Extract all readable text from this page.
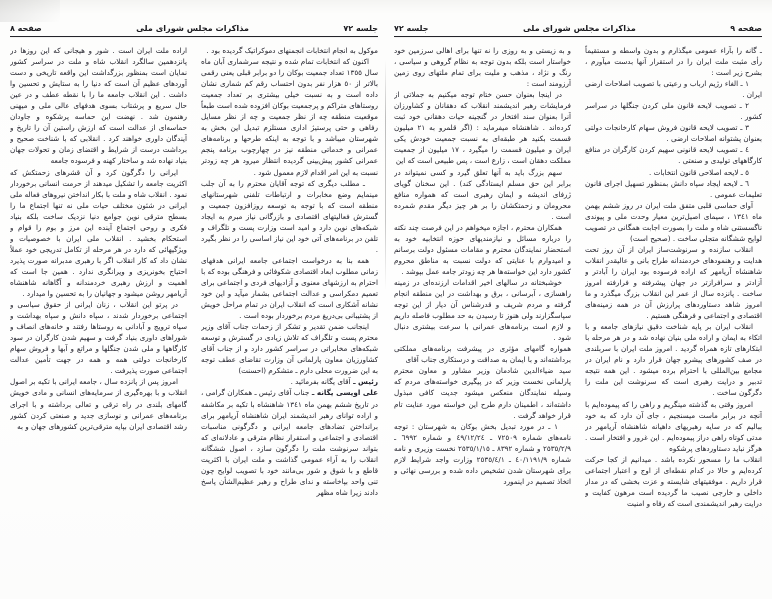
صفحه ٨	مذاکرات مجلس شورای ملی	جلسه ٧٢

موکول به انجام انتخابات انجمنهای دموکراتیک گردیده بود .

اکنون که انتخابات تمام شده و نتیجه سرشماری آبان ماه سال ١٣٥٥ تعداد جمعیت بوکان را دو برابر قبلی یعنی رقمی بالاتر از ٥٠ هزار نفر بدون احتساب رقم کم شماری نشان داده است و به نسبت خیلی بیشتری بر تعداد جمعیت روستاهای متراکم و پرجمعیت بوکان افزوده شده است طبعاً موقعیت منطقه چه از نظر جمعیت و چه از نظر مسایل رفاهی و حتی پرستیژ اداری مستلزم تبدیل این بخش به شهرستان میباشد و با توجه به اینکه طرحها و برنامه‌های عمرانی و خدماتی منطقه نیز در چهارچوب برنامه پنجم عمرانی کشور پیش‌بینی گردیده انتظار میرود هر چه زودتر نسبت به این امر اقدام لازم معمول شود .

ـ مطلب دیگری که توجه آقایان محترم را به آن جلب مینمایم وضع مخابرات و ارتباطات تلفنی شهرستانهای منطقه است که با توجه به توسعه روزافزون جمعیت و گسترش فعالیتهای اقتصادی و بازرگانی نیاز مبرم به ایجاد شبکه‌های نوین دارد و امید است وزارت پست و تلگراف و تلفن در برنامه‌های آتی خود این نیاز اساسی را در نظر بگیرد .

همه بنا به درخواست اجتماعی جامعه ایرانی هدفهای زمانی مطلوب ابعاد اقتصادی شکوفائی و فرهنگی بوده که با احترام به ارزشهای معنوی و آزادیهای فردی و اجتماعی برای تعمیم دمکراسی و عدالت اجتماعی بشمار میآید و این خود نشانه آشکاری است که انقلاب ایران در تمام مراحل خویش از پشتیبانی بی‌دریغ مردم برخوردار بوده است .

اینجانب ضمن تقدیر و تشکر از زحمات جناب آقای وزیر محترم پست و تلگراف که تلاش زیادی در گسترش و توسعه شبکه‌های مخابراتی در سراسر کشور دارد و از جناب آقای کشاورزیان معاون پارلمانی آن وزارت تقاضای عطف توجه به این ضرورت محلی دارم ـ متشکرم (احسنت)

رئیس ـ آقای یگانه بفرمائید .

علی اویسی یگانه ـ جناب آقای رئیس ـ همکاران گرامی ، در تاریخ ششم بهمن ماه ١٣٤١ شاهنشاه با تکیه بر مکاشفه و اراده توانای رهبر اندیشمند ایران شاهنشاه آریامهر برای برانداختن تضادهای جامعه ایرانی و دگرگونی مناسبات اقتصادی و اجتماعی و استقرار نظام مترقی و عادلانه‌ای که بتواند سرنوشت ملت را دگرگون سازد ، اصول ششگانه انقلاب را به آراء عمومی گذاشت و ملت ایران با اکثریت قاطع و با شوق و شور بی‌مانند خود با تصویب لوایح چون تنی واحد بپاخاسته و ندای طراح و رهبر عظیم‌الشأن پاسخ دادند زیرا شاه مظهر

اراده ملت ایران است . شور و هیجانی که این روزها در پانزدهمین سالگرد انقلاب شاه و ملت در سراسر کشور نمایان است بمنظور بزرگداشت این واقعه تاریخی و دست آوردهای عظیم آن است که دنیا را به ستایش و تحسین وا داشت . این انقلاب جامعه ما را با نقطه عطف و در عین حال سریع و پرشتاب بسوی هدفهای عالی ملی و میهنی رهنمون شد . نهضت این حماسه پرشکوه و جاودان حماسه‌ای از عدالت است که ارزش راستین آن را تاریخ و آیندگان داوری خواهند کرد . انقلابی که با شناخت صحیح و برداشت درست از شرایط و اقتضای زمان و تحولات جهان بنیاد نهاده شد و ساختار کهنه و فرسوده جامعه

ایرانی را دگرگون کرد و آن قشرهای زحمتکش که اکثریت جامعه را تشکیل میدهند از حرمت انسانی برخوردار نمود . انقلاب شاه و ملت با بکار انداختن نیروهای فعاله ملی ایرانی در شئون مختلف حیات ملی نه تنها اجتماع ما را بسطح مترقی نوین جوامع دنیا نزدیک ساخت بلکه بنیاد فکری و روحی اجتماع آینده این مرز و بوم را قوام و استحکام بخشید . انقلاب ملی ایران با خصوصیات و ویژگیهائی که دارد در هر مرحله از تکامل تدریجی خود عملاً نشان داد که کار انقلاب اگر با رهبری مدبرانه صورت پذیرد احتیاج بخونریزی و ویرانگری ندارد . همین جا است که اهمیت و ارزش رهبری خردمندانه و آگاهانه شاهنشاه آریامهر روشن میشود و جهانیان را به تحسین وا میدارد .

در پرتو این انقلاب ، زنان ایرانی از حقوق سیاسی و اجتماعی برخوردار شدند ، سپاه دانش و سپاه بهداشت و سپاه ترویج و آبادانی به روستاها رفتند و خانه‌های انصاف و شوراهای داوری بنیاد گرفت و سهیم شدن کارگران در سود کارگاهها و ملی شدن جنگلها و مراتع و آبها و فروش سهام کارخانجات دولتی همه و همه در جهت تأمین عدالت اجتماعی صورت پذیرفت .

امروز پس از پانزده سال ، جامعه ایرانی با تکیه بر اصول انقلاب و با بهره‌گیری از سرمایه‌های انسانی و مادی خویش گامهای بلندی در راه ترقی و تعالی برداشته و با اجرای برنامه‌های عمرانی و نوسازی جدید و صنعتی کردن کشور رشد اقتصادی ایران بپایه مترقی‌ترین کشورهای جهان و به

جلسه ٧٢	مذاکرات مجلس شورای ملی	صفحه ٩

ـ گانه را بآراء عمومی میگذارم و بدون واسطه و مستقیماً رأی مثبت ملت ایران را در استقرار آنها بدست میآورم ، بشرح زیر است :

١ ـ الغاء رژیم ارباب و رعیتی با تصویب اصلاحات ارضی ایران .

٢ ـ تصویب لایحه قانون ملی کردن جنگلها در سراسر کشور .

٣ ـ تصویب لایحه قانون فروش سهام کارخانجات دولتی بعنوان پشتوانه اصلاحات ارضی .

٤ ـ تصویب لایحه قانونی سهیم کردن کارگران در منافع کارگاههای تولیدی و صنعتی .

٥ ـ لایحه اصلاحی قانون انتخابات .

٦ ـ لایحه ایجاد سپاه دانش بمنظور تسهیل اجرای قانون تعلیمات عمومی .

آوای حماسی قلبی متفق ملت ایران در روز ششم بهمن ماه ١٣٤١ ، سیمای اصیل‌ترین معیار وحدت ملی و پیوندی ناگسستنی شاه و ملت را بصورت اجابت همگانی در تصویب لوایح ششگانه متجلی ساخت . (صحیح است)

انقلاب سازنده و سرنوشت‌ساز ایران از آن روز تحت هدایت و رهنمودهای خردمندانه طراح بانی و عالیقدر انقلاب شاهنشاه آریامهر که اراده فرسوده بود ایران را آبادتر و آزادتر و سرافرازتر در جهان پیشرفته و فرارفته امروز ساخت . پانزده سال از عمر این انقلاب بزرگ میگذرد و ما امروز شاهد دستاوردهای پرارزش آن در همه زمینه‌های اقتصادی و اجتماعی و فرهنگی هستیم .

انقلاب ایران بر پایه شناخت دقیق نیازهای جامعه و با اتکاء به ایمان و اراده ملی بنیان نهاده شد و در هر مرحله با ابتکارهای تازه همراه گردید . امروز ملت ایران با سربلندی در صف کشورهای پیشرو جهان قرار دارد و نام ایران در مجامع بین‌المللی با احترام برده میشود . این همه نتیجه تدبیر و درایت رهبری است که سرنوشت این ملت را دگرگون ساخت .

امروز وقتی به گذشته مینگریم و راهی را که پیموده‌ایم با آنچه در برابر ماست میسنجیم ، جای آن دارد که به خود ببالیم که در سایه رهبریهای داهیانه شاهنشاه آریامهر در مدتی کوتاه راهی دراز پیموده‌ایم . این غرور و افتخار است . هرگز نباید دستاوردهای پرشکوه

انقلاب ما را مسحور نکرده باشد . میدانیم از کجا حرکت کرده‌ایم و حالا در کدام نقطه‌ای از اوج و اعتبار اجتماعی قرار داریم . موفقیتهای شایسته و عزت بخشی که در مدار داخلی و خارجی نصیب ما گردیده است مرهون کفایت و درایت رهبر اندیشمندی است که رفاه و امنیت

و به زیستی و به روزی را نه تنها برای اهالی سرزمین خود خواستار است بلکه بدون توجه به نظام گروهی و سیاسی ، رنگ و نژاد ، مذهب و ملیت برای تمام ملتهای روی زمین آرزومند است :

در اینجا بعنوان حسن ختام توجه میکنیم به جملاتی از فرمایشات رهبر اندیشمند انقلاب که دهقانان و کشاورزان آنرا بعنوان سند افتخار در گنجینه حیات دهقانی خود ثبت کرده‌اند . شاهنشاه میفرماید : (اگر قلمرو به ٢١ میلیون قسمت بکنید هر طبقه‌ای به نسبت جمعیت خودش یکی ایران و میلیون قسمت را میگیرد ، ١٧ میلیون از جمعیت مملکت دهقان است ، زارع است ، پس طبیعی است که این

سهم بزرگ باید به آنها تعلق گیرد و کسی نمیتواند در برابر این حق مسلم ایستادگی کند) . این سخنان گویای ژرفای اندیشه و ایمان رهبری است که همواره منافع محرومان و زحمتکشان را بر هر چیز دیگر مقدم شمرده است .

همکاران محترم ، اجازه میخواهم در این فرصت چند نکته را درباره مسائل و نیازمندیهای حوزه انتخابیه خود به استحضار نمایندگان محترم و مقامات مسئول دولت برسانم و امیدوارم با عنایتی که دولت نسبت به مناطق محروم کشور دارد این خواسته‌ها هر چه زودتر جامه عمل بپوشد .

خوشبختانه در سالهای اخیر اقدامات ارزنده‌ای در زمینه راهسازی ، آبرسانی ، برق و بهداشت در این منطقه انجام گرفته و مردم شریف و قدرشناس آن دیار از این توجه سپاسگزارند ولی هنوز تا رسیدن به حد مطلوب فاصله داریم و لازم است برنامه‌های عمرانی با سرعت بیشتری دنبال شود .

همواره گامهای مؤثری در پیشرفت برنامه‌های مملکتی برداشته‌اند و با ایمان به صداقت و درستکاری جناب آقای

سید ضیاءالدین شادمان وزیر مشاور و معاون محترم پارلمانی نخست وزیر که در پیگیری خواسته‌های مردم که وسیله نمایندگان منعکس میشود جدیت کافی مبذول داشته‌اند ، اطمینان دارم طرح این خواسته مورد عنایت تام قرار خواهد گرفت .

١ ـ در مورد تبدیل بخش بوکان به شهرستان : توجه نامه‌های شماره ٧٢٥٠٩ ـ ٤٩/١٢/٢٤ و شماره ٦٩٩٢ ـ ٢٥٣٥/٢/٩ و شماره ٨٣٩٢ ـ ٢٥٣٥/١/١٥ نخست وزیری و نامه شماره ٤٠/١١٩١/٩ ـ ٢٥٣٥/٤/١ وزارت واجد شرایط لازم برای شهرستان شدن تشخیص داده شده و بررسی نهائی و اتخاذ تصمیم در اینمورد
